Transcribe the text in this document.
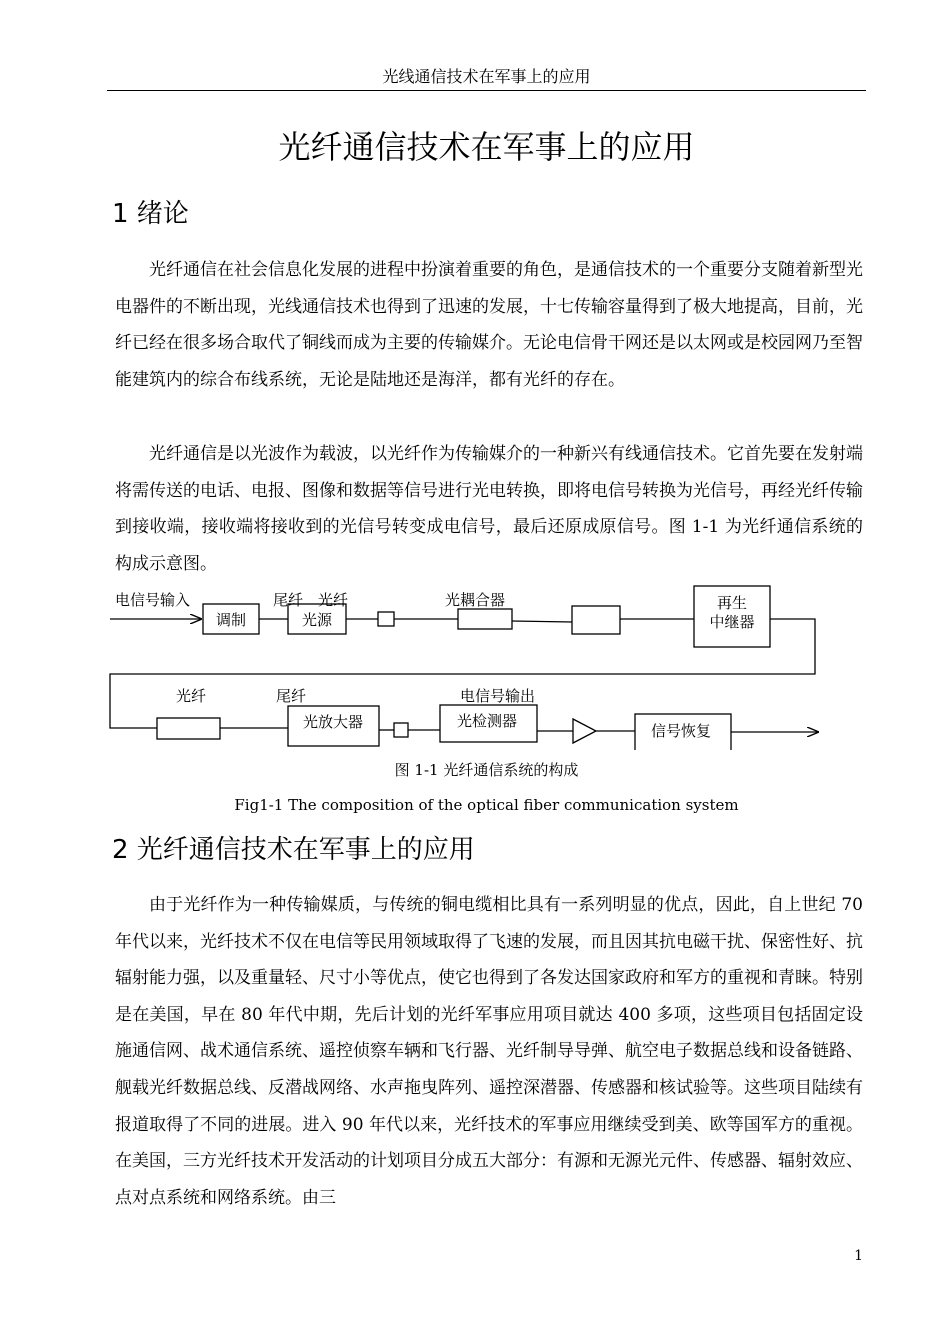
光线通信技术在军事上的应用
光纤通信技术在军事上的应用
1 绪论

光纤通信在社会信息化发展的进程中扮演着重要的角色，是通信技术的一个重要分支随着新型光电器件的不断出现，光线通信技术也得到了迅速的发展，十七传输容量得到了极大地提高，目前，光纤已经在很多场合取代了铜线而成为主要的传输媒介。无论电信骨干网还是以太网或是校园网乃至智能建筑内的综合布线系统，无论是陆地还是海洋，都有光纤的存在。

光纤通信是以光波作为载波，以光纤作为传输媒介的一种新兴有线通信技术。它首先要在发射端将需传送的电话、电报、图像和数据等信号进行光电转换，即将电信号转换为光信号，再经光纤传输到接收端，接收端将接收到的光信号转变成电信号，最后还原成原信号。图 1-1 为光纤通信系统的构成示意图。

电信号输入	尾纤 光纤	光耦合器
调制	光源
再生
中继器
光纤	尾纤	电信号输出
光放大器	光检测器
信号恢复
图 1-1 光纤通信系统的构成
Fig1-1 The composition of the optical fiber communication system
2 光纤通信技术在军事上的应用

由于光纤作为一种传输媒质，与传统的铜电缆相比具有一系列明显的优点，因此，自上世纪 70 年代以来，光纤技术不仅在电信等民用领域取得了飞速的发展，而且因其抗电磁干扰、保密性好、抗辐射能力强，以及重量轻、尺寸小等优点，使它也得到了各发达国家政府和军方的重视和青睐。特别是在美国，早在 80 年代中期，先后计划的光纤军事应用项目就达 400 多项，这些项目包括固定设施通信网、战术通信系统、遥控侦察车辆和飞行器、光纤制导导弹、航空电子数据总线和设备链路、舰载光纤数据总线、反潜战网络、水声拖曳阵列、遥控深潜器、传感器和核试验等。这些项目陆续有报道取得了不同的进展。进入 90 年代以来，光纤技术的军事应用继续受到美、欧等国军方的重视。在美国，三方光纤技术开发活动的计划项目分成五大部分：有源和无源光元件、传感器、辐射效应、点对点系统和网络系统。由三

1
